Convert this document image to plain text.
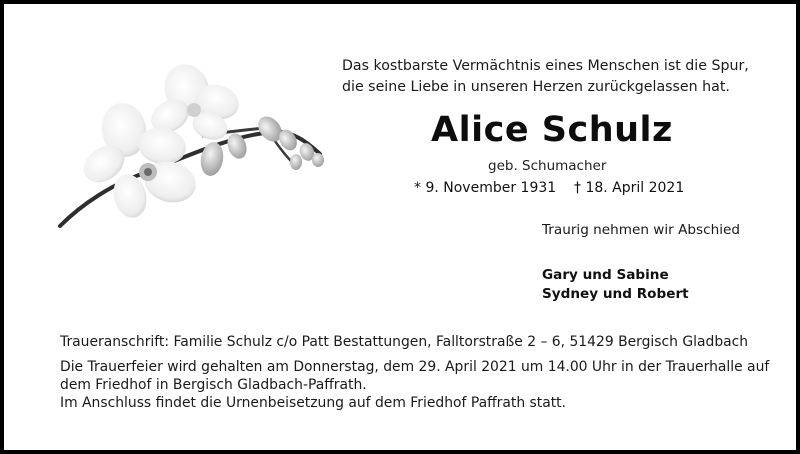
Das kostbarste Vermächtnis eines Menschen ist die Spur,
die seine Liebe in unseren Herzen zurückgelassen hat.
Alice Schulz
geb. Schumacher
* 9. November 1931 † 18. April 2021
Traurig nehmen wir Abschied
Gary und Sabine
Sydney und Robert
Traueranschrift: Familie Schulz c/o Patt Bestattungen, Falltorstraße 2 – 6, 51429 Bergisch Gladbach
Die Trauerfeier wird gehalten am Donnerstag, dem 29. April 2021 um 14.00 Uhr in der Trauerhalle auf
dem Friedhof in Bergisch Gladbach-Paffrath.
Im Anschluss findet die Urnenbeisetzung auf dem Friedhof Paffrath statt.
